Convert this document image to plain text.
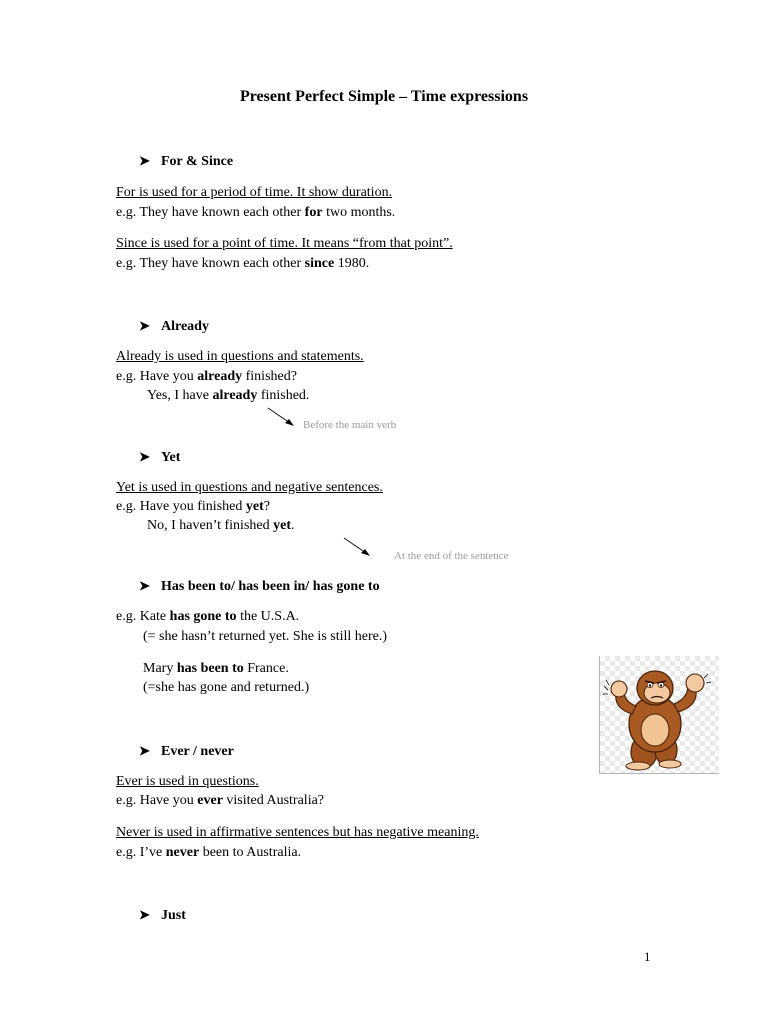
Present Perfect Simple – Time expressions
➤ For & Since
For is used for a period of time. It show duration.
e.g. They have known each other for two months.
Since is used for a point of time. It means “from that point”.
e.g. They have known each other since 1980.
➤ Already
Already is used in questions and statements.
e.g. Have you already finished?
Yes, I have already finished.
Before the main verb
➤ Yet
Yet is used in questions and negative sentences.
e.g. Have you finished yet?
No, I haven’t finished yet.
At the end of the sentence
➤ Has been to/ has been in/ has gone to
e.g. Kate has gone to the U.S.A.
(= she hasn’t returned yet. She is still here.)
Mary has been to France.
(=she has gone and returned.)
➤ Ever / never
Ever is used in questions.
e.g. Have you ever visited Australia?
Never is used in affirmative sentences but has negative meaning.
e.g. I’ve never been to Australia.
➤ Just
1
